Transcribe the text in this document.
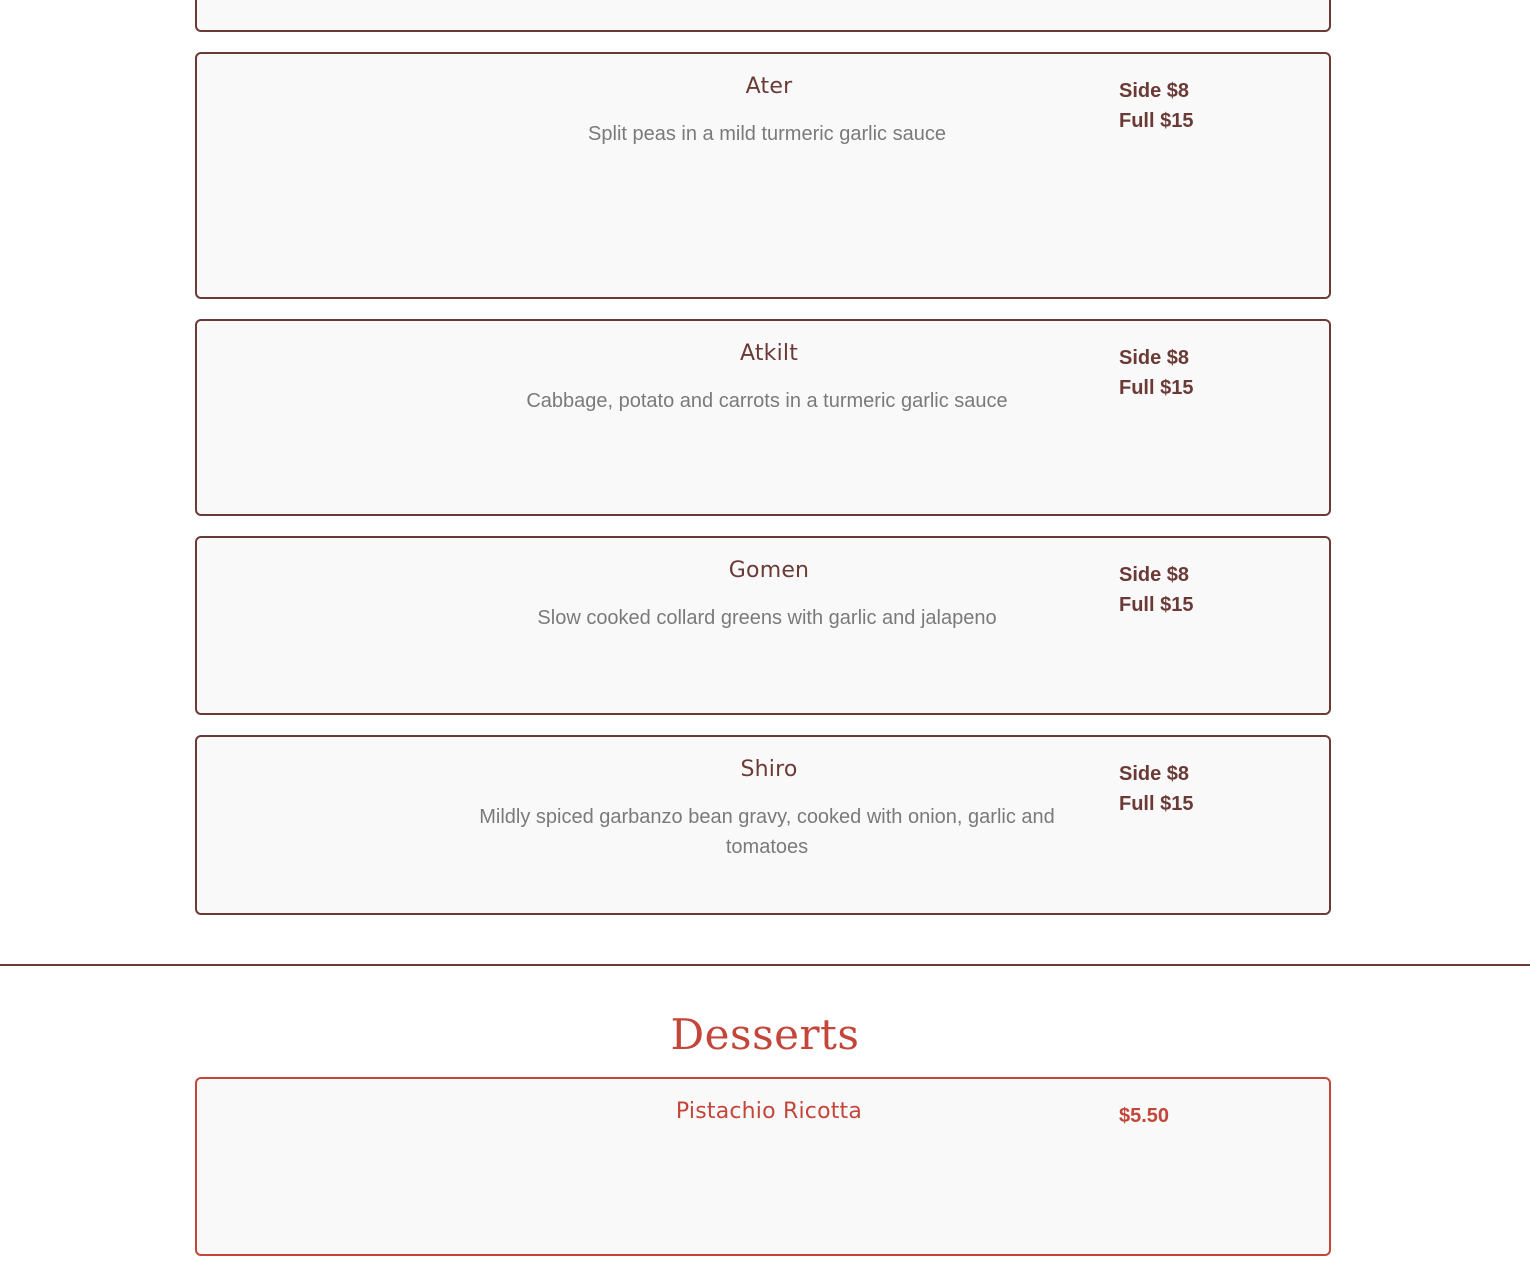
Ater
Split peas in a mild turmeric garlic sauce
Side $8
Full $15
Atkilt
Cabbage, potato and carrots in a turmeric garlic sauce
Side $8
Full $15
Gomen
Slow cooked collard greens with garlic and jalapeno
Side $8
Full $15
Shiro
Mildly spiced garbanzo bean gravy, cooked with onion, garlic and tomatoes
Side $8
Full $15
Desserts
Pistachio Ricotta	$5.50
